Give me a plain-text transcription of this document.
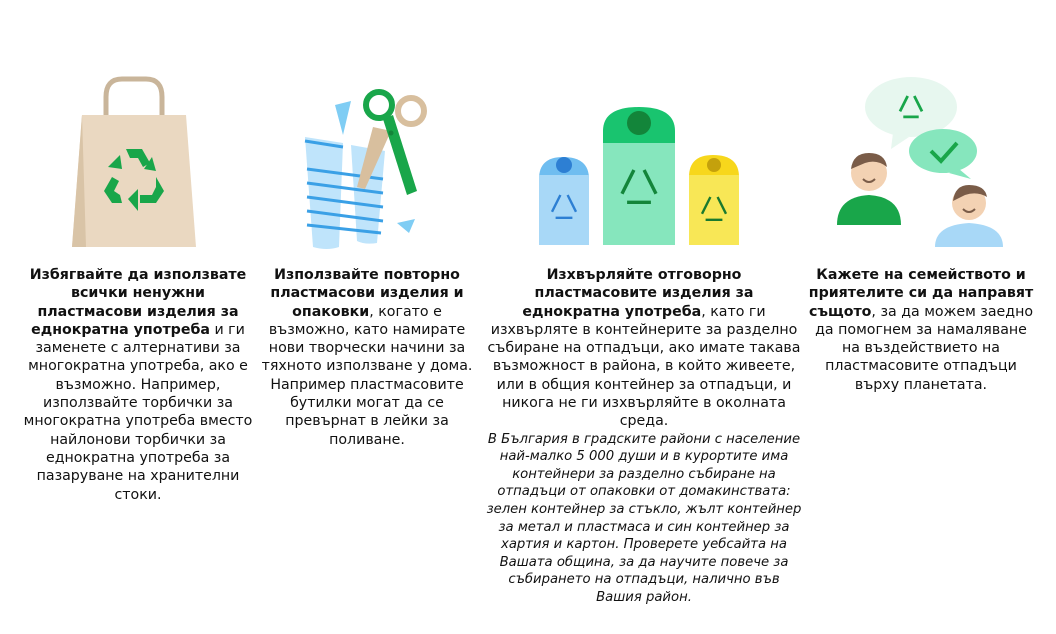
Избягвайте да използвате всички ненужни пластмасови изделия за еднократна употреба и ги заменете с алтернативи за многократна употреба, ако е възможно. Например, използвайте торбички за многократна употреба вместо найлонови торбички за еднократна употреба за пазаруване на хранителни стоки.
Използвайте повторно пластмасови изделия и опаковки, когато е възможно, като намирате нови творчески начини за тяхното използване у дома. Например пластмасовите бутилки могат да се превърнат в лейки за поливане.
Изхвърляйте отговорно пластмасовите изделия за еднократна употреба, като ги изхвърляте в контейнерите за разделно събиране на отпадъци, ако имате такава възможност в района, в който живеете, или в общия контейнер за отпадъци, и никога не ги изхвърляйте в околната среда.
В България в градските райони с население най-малко 5 000 души и в курортите има контейнери за разделно събиране на отпадъци от опаковки от домакинствата: зелен контейнер за стъкло, жълт контейнер за метал и пластмаса и син контейнер за хартия и картон. Проверете уебсайта на Вашата община, за да научите повече за събирането на отпадъци, налично във Вашия район.
Кажете на семейството и приятелите си да направят същото, за да можем заедно да помогнем за намаляване на въздействието на пластмасовите отпадъци върху планетата.
